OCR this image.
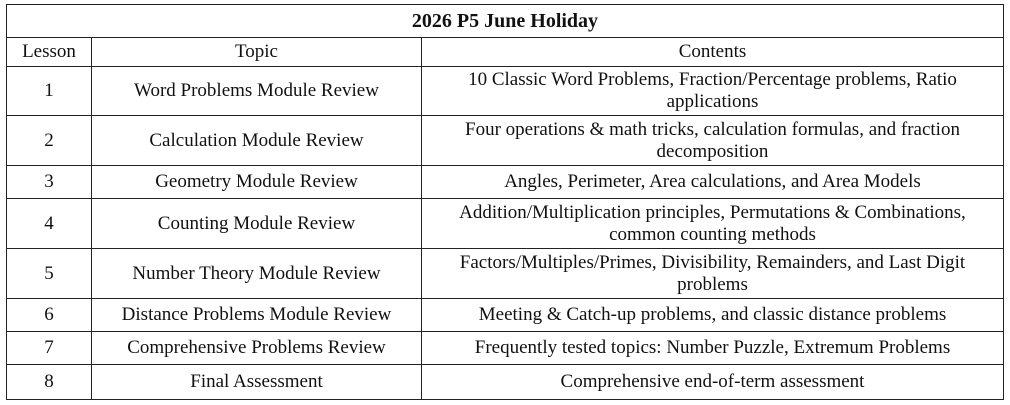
2026 P5 June Holiday		
Lesson	Topic	Contents
1	Word Problems Module Review	10 Classic Word Problems, Fraction/Percentage problems, Ratio applications
2	Calculation Module Review	Four operations & math tricks, calculation formulas, and fraction decomposition
3	Geometry Module Review	Angles, Perimeter, Area calculations, and Area Models
4	Counting Module Review	Addition/Multiplication principles, Permutations & Combinations, common counting methods
5	Number Theory Module Review	Factors/Multiples/Primes, Divisibility, Remainders, and Last Digit problems
6	Distance Problems Module Review	Meeting & Catch-up problems, and classic distance problems
7	Comprehensive Problems Review	Frequently tested topics: Number Puzzle, Extremum Problems
8	Final Assessment	Comprehensive end-of-term assessment
